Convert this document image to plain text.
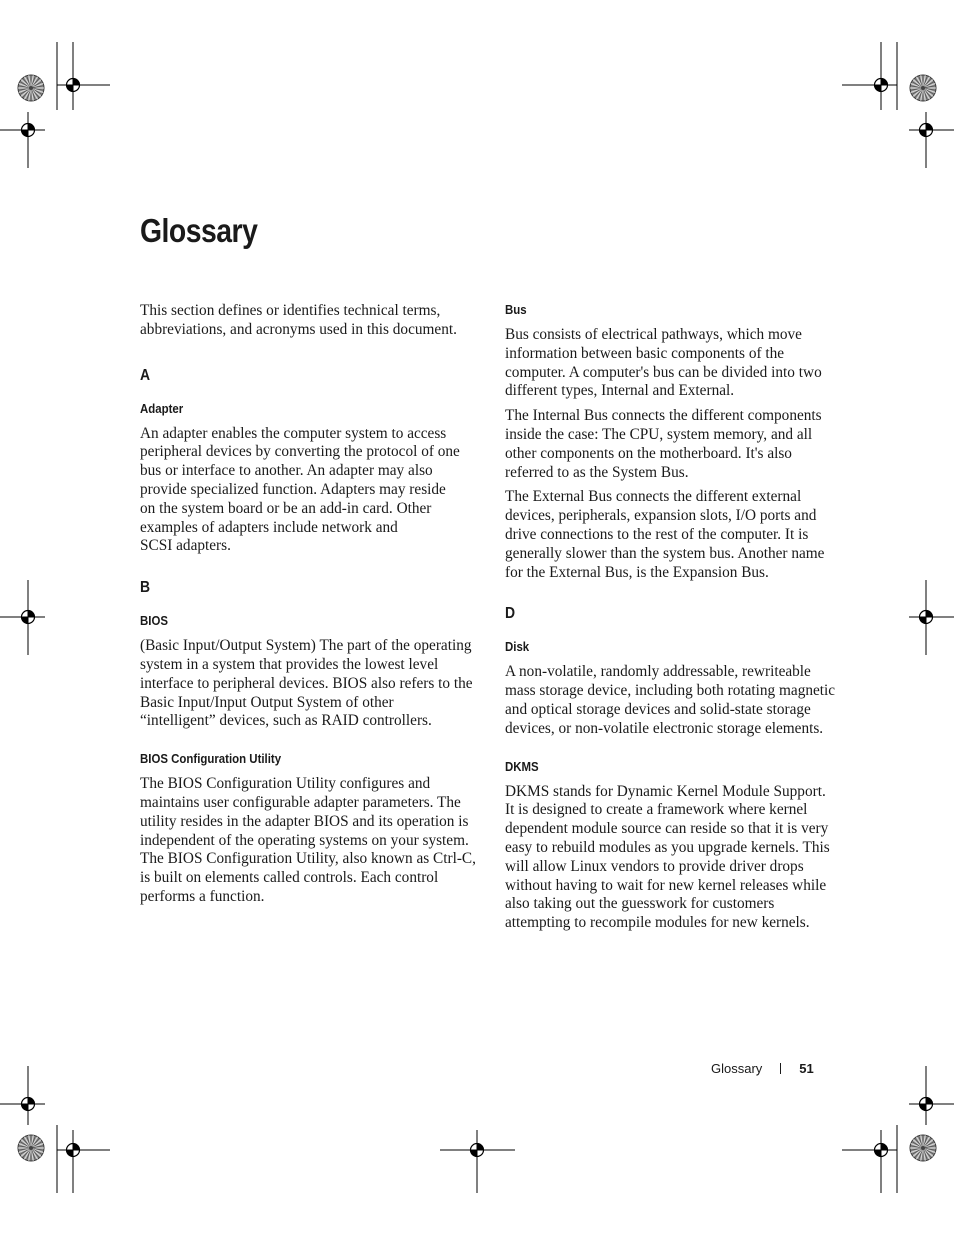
Glossary

This section defines or identifies technical terms,
abbreviations, and acronyms used in this document.

A

Adapter

An adapter enables the computer system to access
peripheral devices by converting the protocol of one
bus or interface to another. An adapter may also
provide specialized function. Adapters may reside
on the system board or be an add-in card. Other
examples of adapters include network and
SCSI adapters.

B

BIOS

(Basic Input/Output System) The part of the operating
system in a system that provides the lowest level
interface to peripheral devices. BIOS also refers to the
Basic Input/Input Output System of other
“intelligent” devices, such as RAID controllers.

BIOS Configuration Utility

The BIOS Configuration Utility configures and
maintains user configurable adapter parameters. The
utility resides in the adapter BIOS and its operation is
independent of the operating systems on your system.
The BIOS Configuration Utility, also known as Ctrl-C,
is built on elements called controls. Each control
performs a function.

Bus

Bus consists of electrical pathways, which move
information between basic components of the
computer. A computer's bus can be divided into two
different types, Internal and External.

The Internal Bus connects the different components
inside the case: The CPU, system memory, and all
other components on the motherboard. It's also
referred to as the System Bus.

The External Bus connects the different external
devices, peripherals, expansion slots, I/O ports and
drive connections to the rest of the computer. It is
generally slower than the system bus. Another name
for the External Bus, is the Expansion Bus.

D

Disk

A non-volatile, randomly addressable, rewriteable
mass storage device, including both rotating magnetic
and optical storage devices and solid-state storage
devices, or non-volatile electronic storage elements.

DKMS

DKMS stands for Dynamic Kernel Module Support.
It is designed to create a framework where kernel
dependent module source can reside so that it is very
easy to rebuild modules as you upgrade kernels. This
will allow Linux vendors to provide driver drops
without having to wait for new kernel releases while
also taking out the guesswork for customers
attempting to recompile modules for new kernels.

Glossary	51
